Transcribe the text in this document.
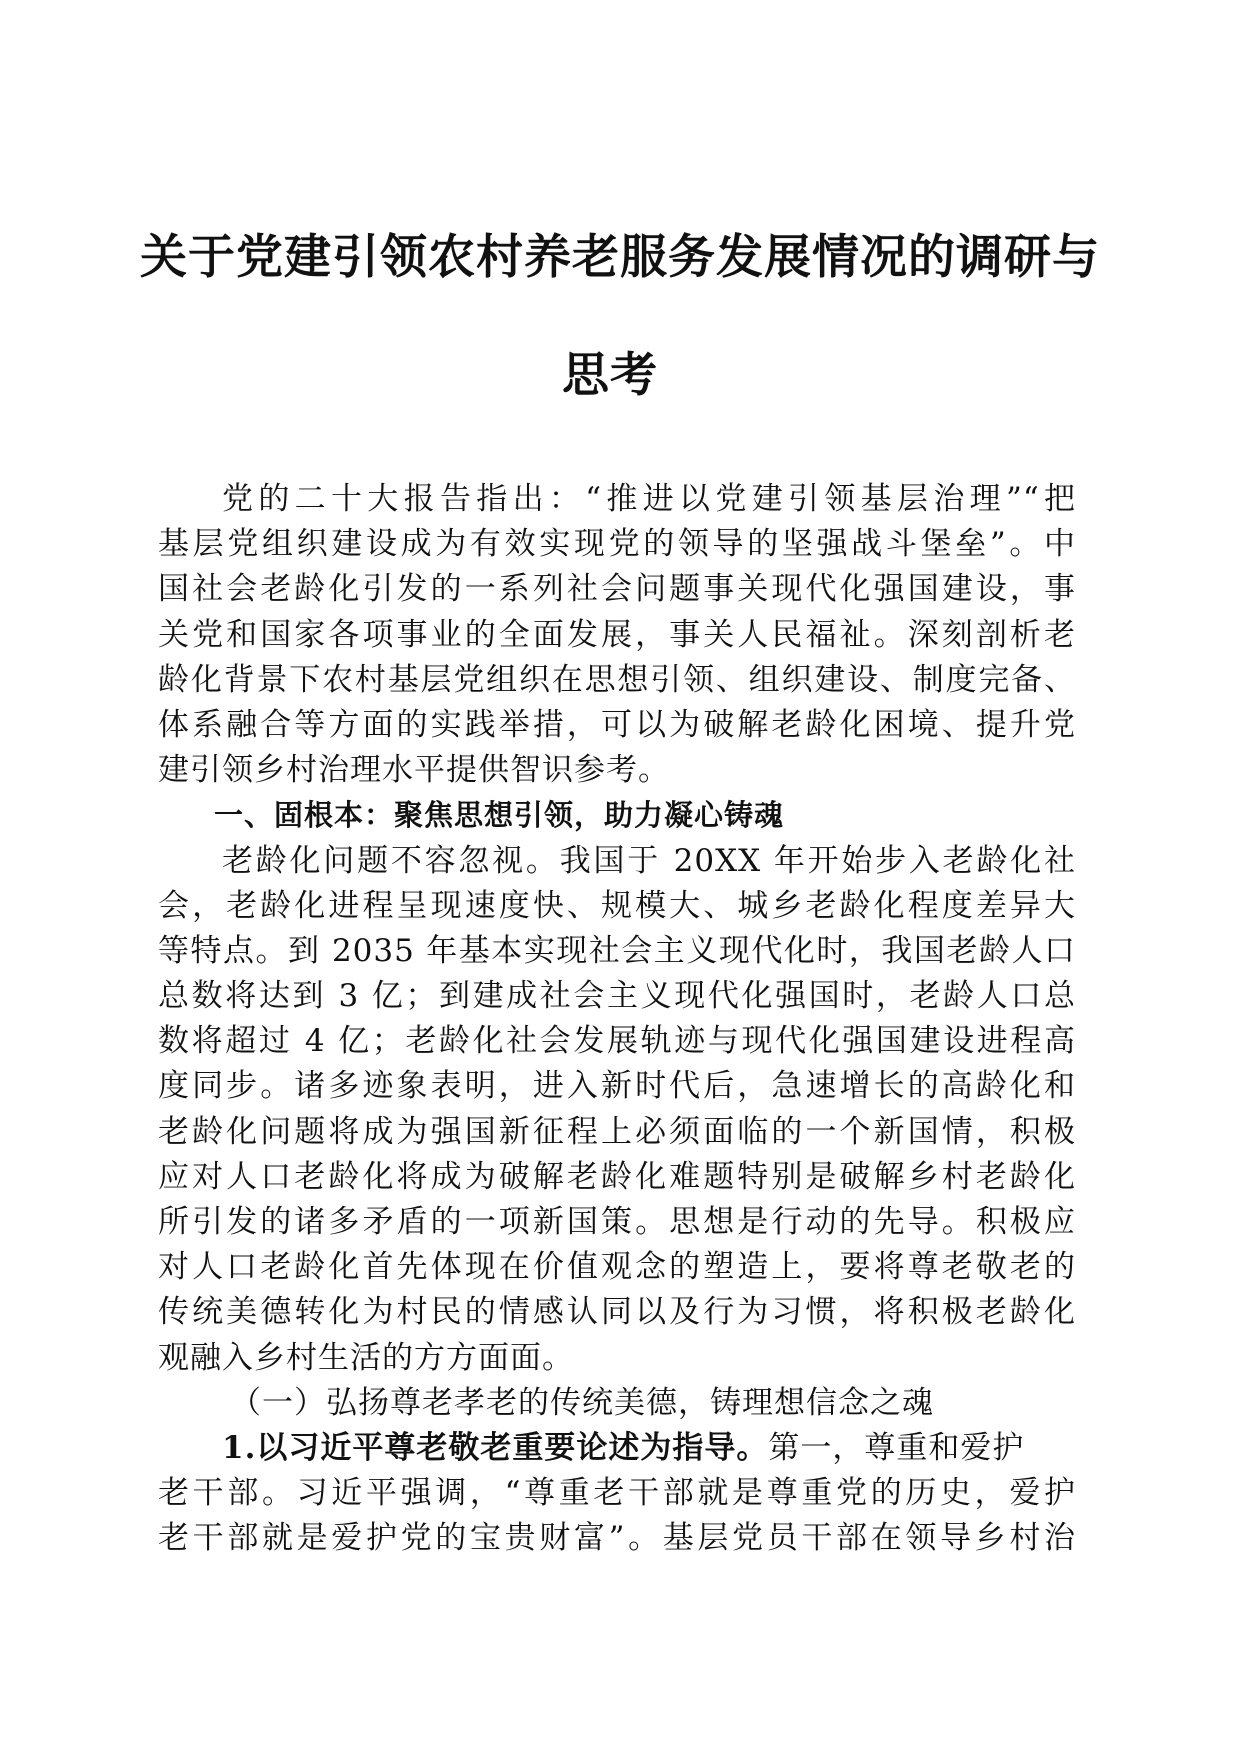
关于党建引领农村养老服务发展情况的调研与
思考
党的二十大报告指出：“推进以党建引领基层治理”“把
基层党组织建设成为有效实现党的领导的坚强战斗堡垒”。中
国社会老龄化引发的一系列社会问题事关现代化强国建设，事
关党和国家各项事业的全面发展，事关人民福祉。深刻剖析老
龄化背景下农村基层党组织在思想引领、组织建设、制度完备、
体系融合等方面的实践举措，可以为破解老龄化困境、提升党
建引领乡村治理水平提供智识参考。
一、固根本：聚焦思想引领，助力凝心铸魂
老龄化问题不容忽视。我国于 20XX 年开始步入老龄化社
会，老龄化进程呈现速度快、规模大、城乡老龄化程度差异大
等特点。到 2035 年基本实现社会主义现代化时，我国老龄人口
总数将达到 3 亿；到建成社会主义现代化强国时，老龄人口总
数将超过 4 亿；老龄化社会发展轨迹与现代化强国建设进程高
度同步。诸多迹象表明，进入新时代后，急速增长的高龄化和
老龄化问题将成为强国新征程上必须面临的一个新国情，积极
应对人口老龄化将成为破解老龄化难题特别是破解乡村老龄化
所引发的诸多矛盾的一项新国策。思想是行动的先导。积极应
对人口老龄化首先体现在价值观念的塑造上，要将尊老敬老的
传统美德转化为村民的情感认同以及行为习惯，将积极老龄化
观融入乡村生活的方方面面。
（一）弘扬尊老孝老的传统美德，铸理想信念之魂
1.以习近平尊老敬老重要论述为指导。第一，尊重和爱护
老干部。习近平强调，“尊重老干部就是尊重党的历史，爱护
老干部就是爱护党的宝贵财富”。基层党员干部在领导乡村治
